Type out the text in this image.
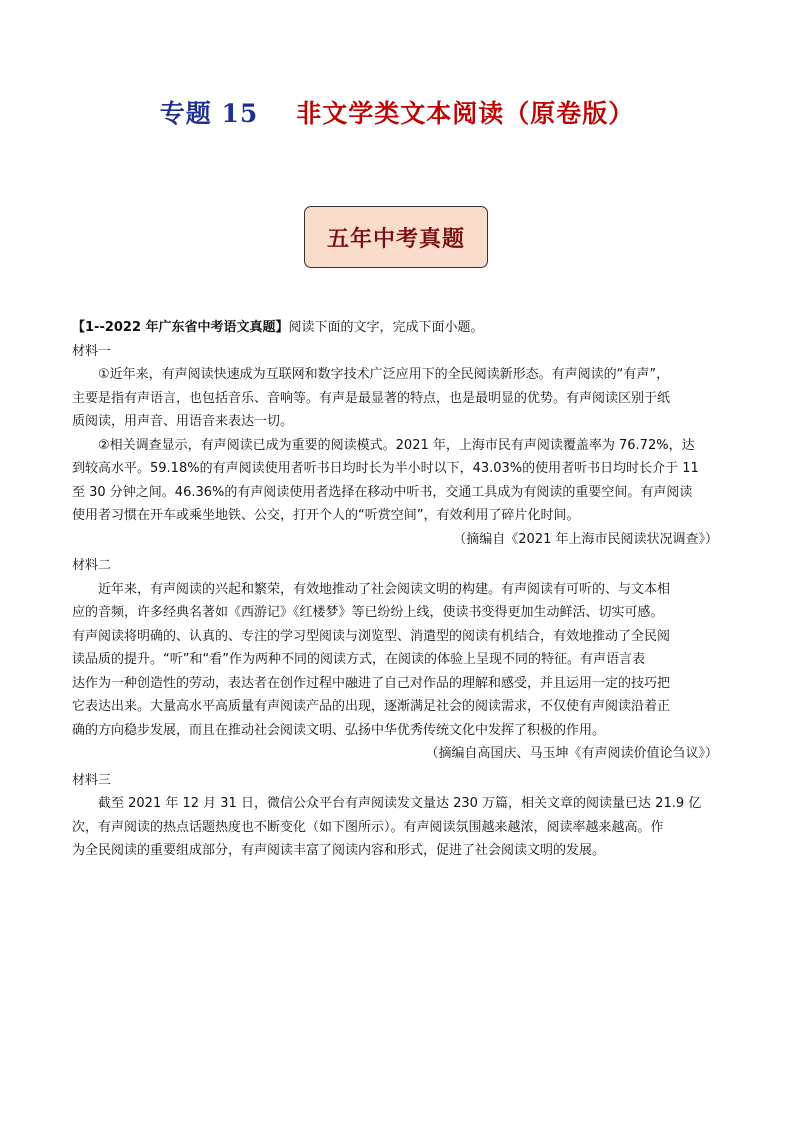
专题 15 非文学类文本阅读（原卷版）
五年中考真题
【1--2022 年广东省中考语文真题】阅读下面的文字，完成下面小题。
材料一
①近年来，有声阅读快速成为互联网和数字技术广泛应用下的全民阅读新形态。有声阅读的“有声”，
主要是指有声语言，也包括音乐、音响等。有声是最显著的特点，也是最明显的优势。有声阅读区别于纸
质阅读，用声音、用语音来表达一切。
②相关调查显示，有声阅读已成为重要的阅读模式。2021 年，上海市民有声阅读覆盖率为 76.72%，达
到较高水平。59.18%的有声阅读使用者听书日均时长为半小时以下，43.03%的使用者听书日均时长介于 11
至 30 分钟之间。46.36%的有声阅读使用者选择在移动中听书，交通工具成为有阅读的重要空间。有声阅读
使用者习惯在开车或乘坐地铁、公交，打开个人的“听赏空间”，有效利用了碎片化时间。
（摘编自《2021 年上海市民阅读状况调查》）
材料二
近年来，有声阅读的兴起和繁荣，有效地推动了社会阅读文明的构建。有声阅读有可听的、与文本相
应的音频，许多经典名著如《西游记》《红楼梦》等已纷纷上线，使读书变得更加生动鲜活、切实可感。
有声阅读将明确的、认真的、专注的学习型阅读与浏览型、消遣型的阅读有机结合，有效地推动了全民阅
读品质的提升。“听”和“看”作为两种不同的阅读方式，在阅读的体验上呈现不同的特征。有声语言表
达作为一种创造性的劳动，表达者在创作过程中融进了自己对作品的理解和感受，并且运用一定的技巧把
它表达出来。大量高水平高质量有声阅读产品的出现，逐渐满足社会的阅读需求，不仅使有声阅读沿着正
确的方向稳步发展，而且在推动社会阅读文明、弘扬中华优秀传统文化中发挥了积极的作用。
（摘编自高国庆、马玉坤《有声阅读价值论刍议》）
材料三
截至 2021 年 12 月 31 日，微信公众平台有声阅读发文量达 230 万篇，相关文章的阅读量已达 21.9 亿
次，有声阅读的热点话题热度也不断变化（如下图所示）。有声阅读氛围越来越浓，阅读率越来越高。作
为全民阅读的重要组成部分，有声阅读丰富了阅读内容和形式，促进了社会阅读文明的发展。
